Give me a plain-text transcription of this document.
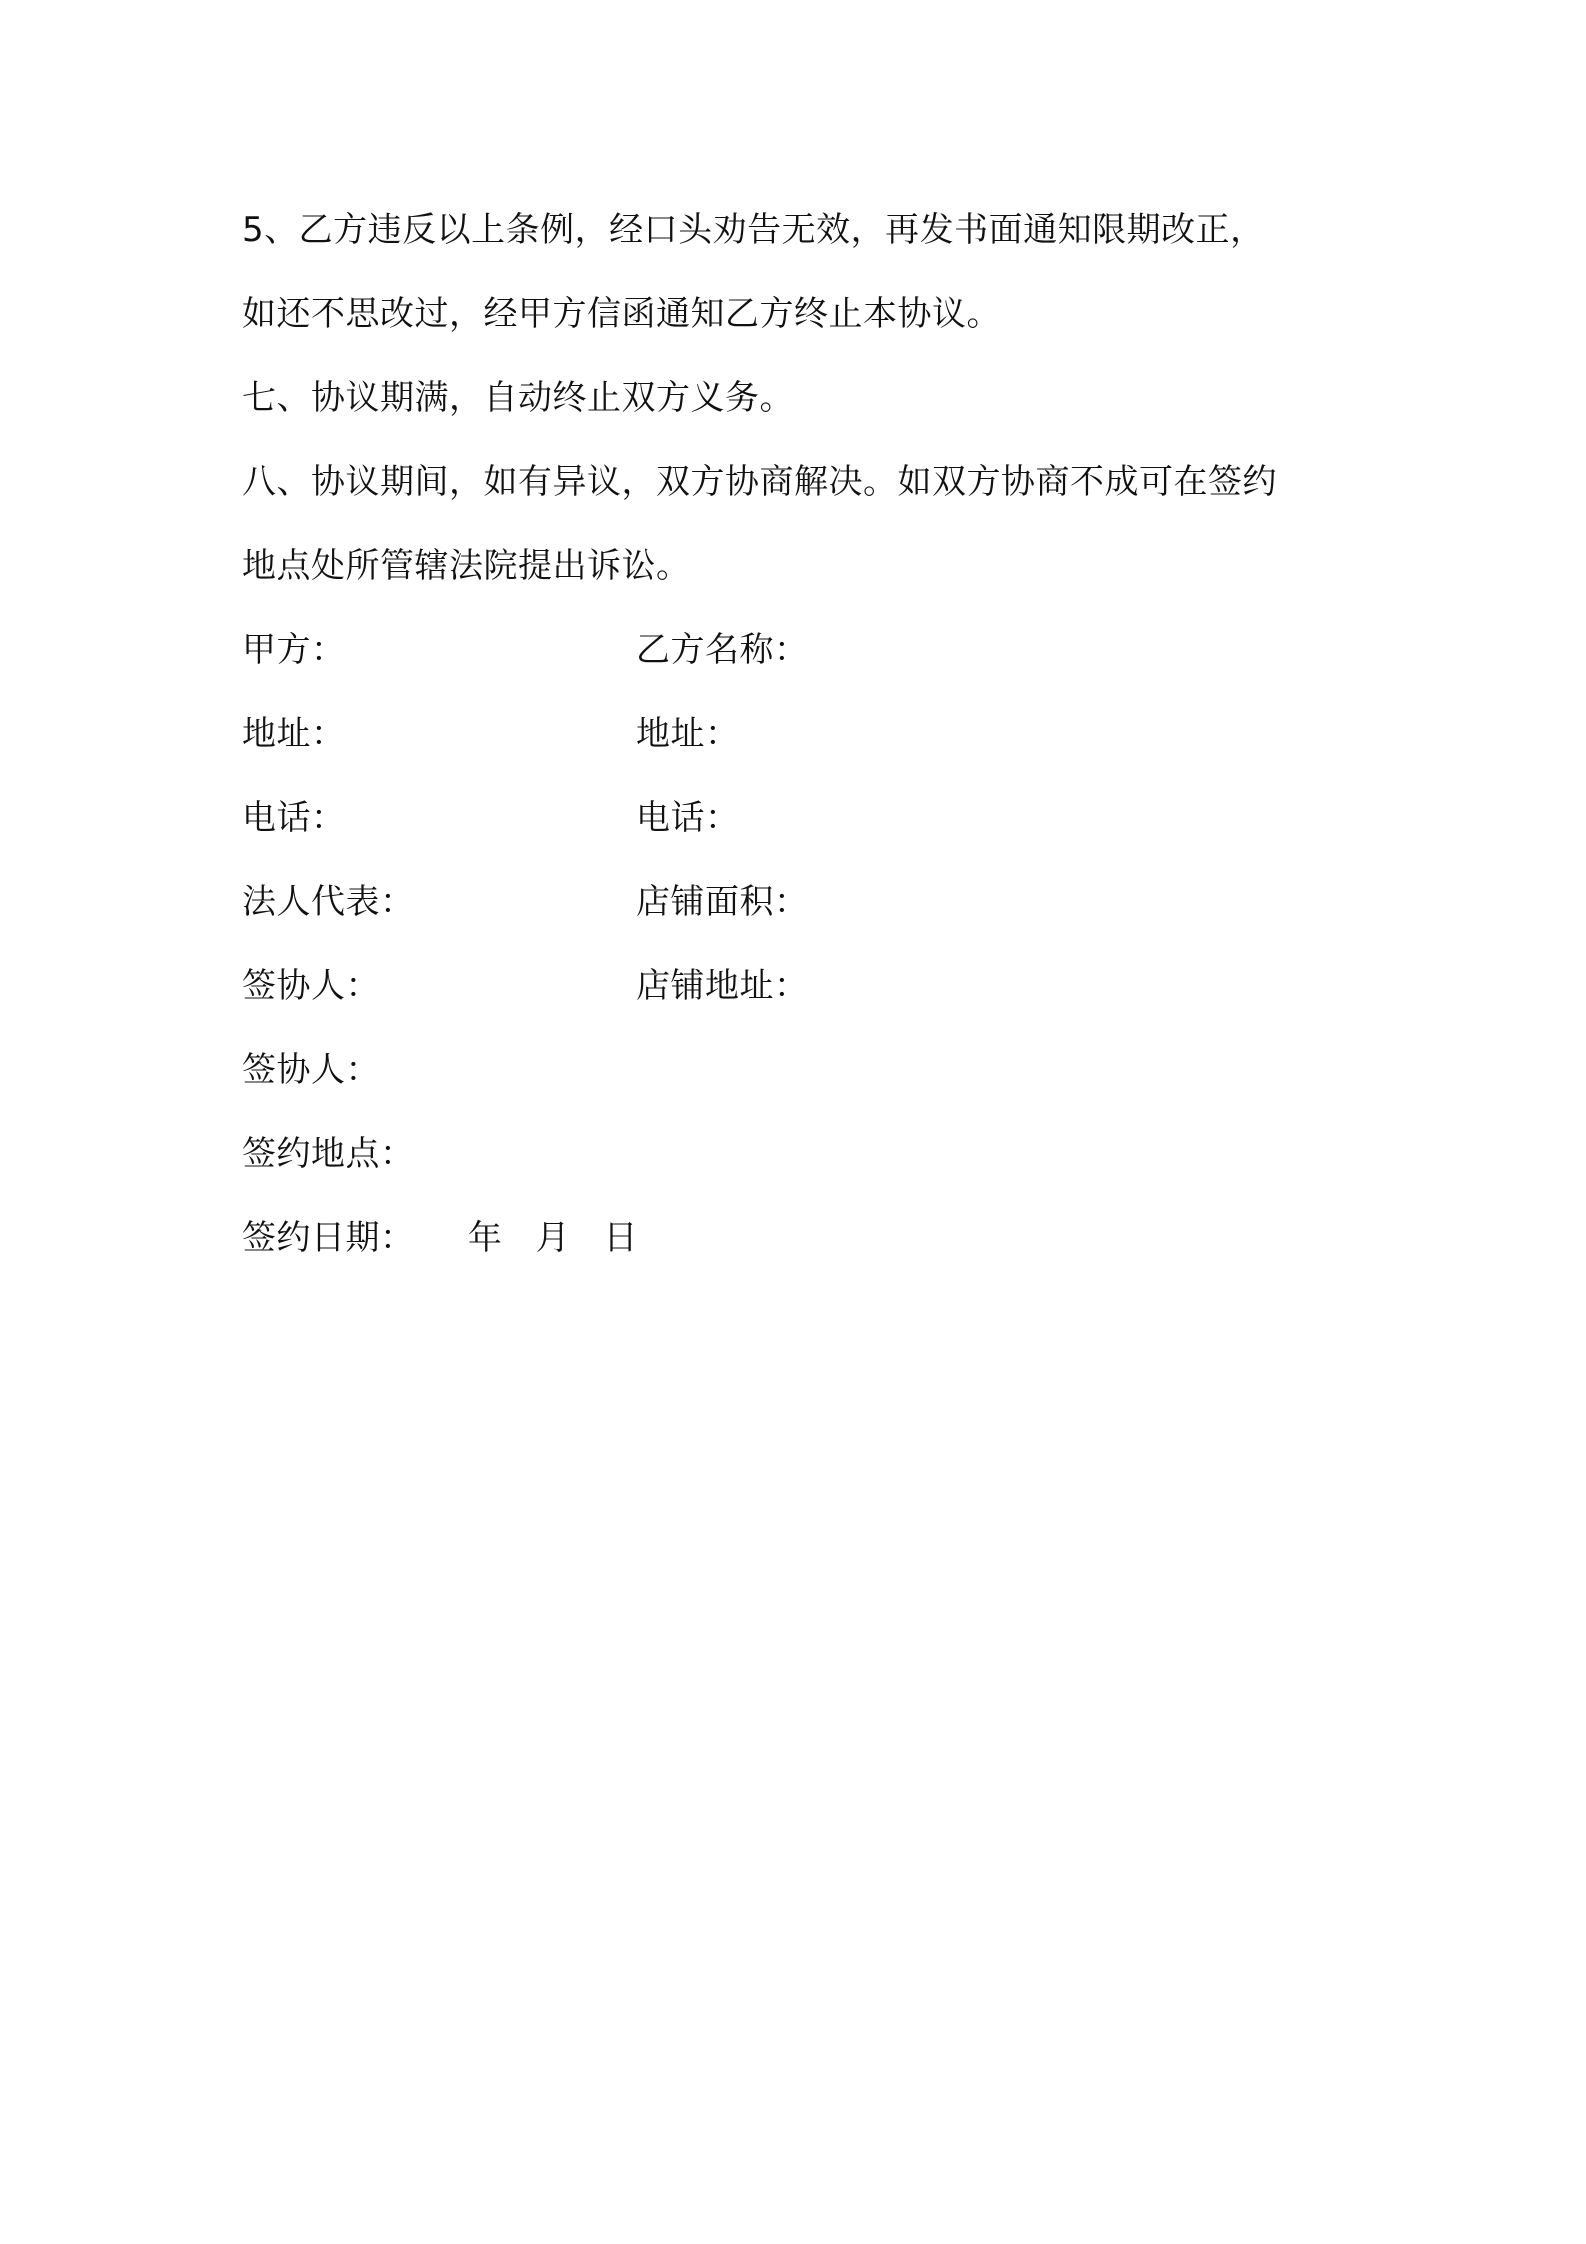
5、乙方违反以上条例，经口头劝告无效，再发书面通知限期改正，
如还不思改过，经甲方信函通知乙方终止本协议。
七、协议期满，自动终止双方义务。
八、协议期间，如有异议，双方协商解决。如双方协商不成可在签约
地点处所管辖法院提出诉讼。
甲方：	乙方名称：
地址：	地址：
电话：	电话：
法人代表：	店铺面积：
签协人：	店铺地址：
签协人：
签约地点：
签约日期： 年 月 日
